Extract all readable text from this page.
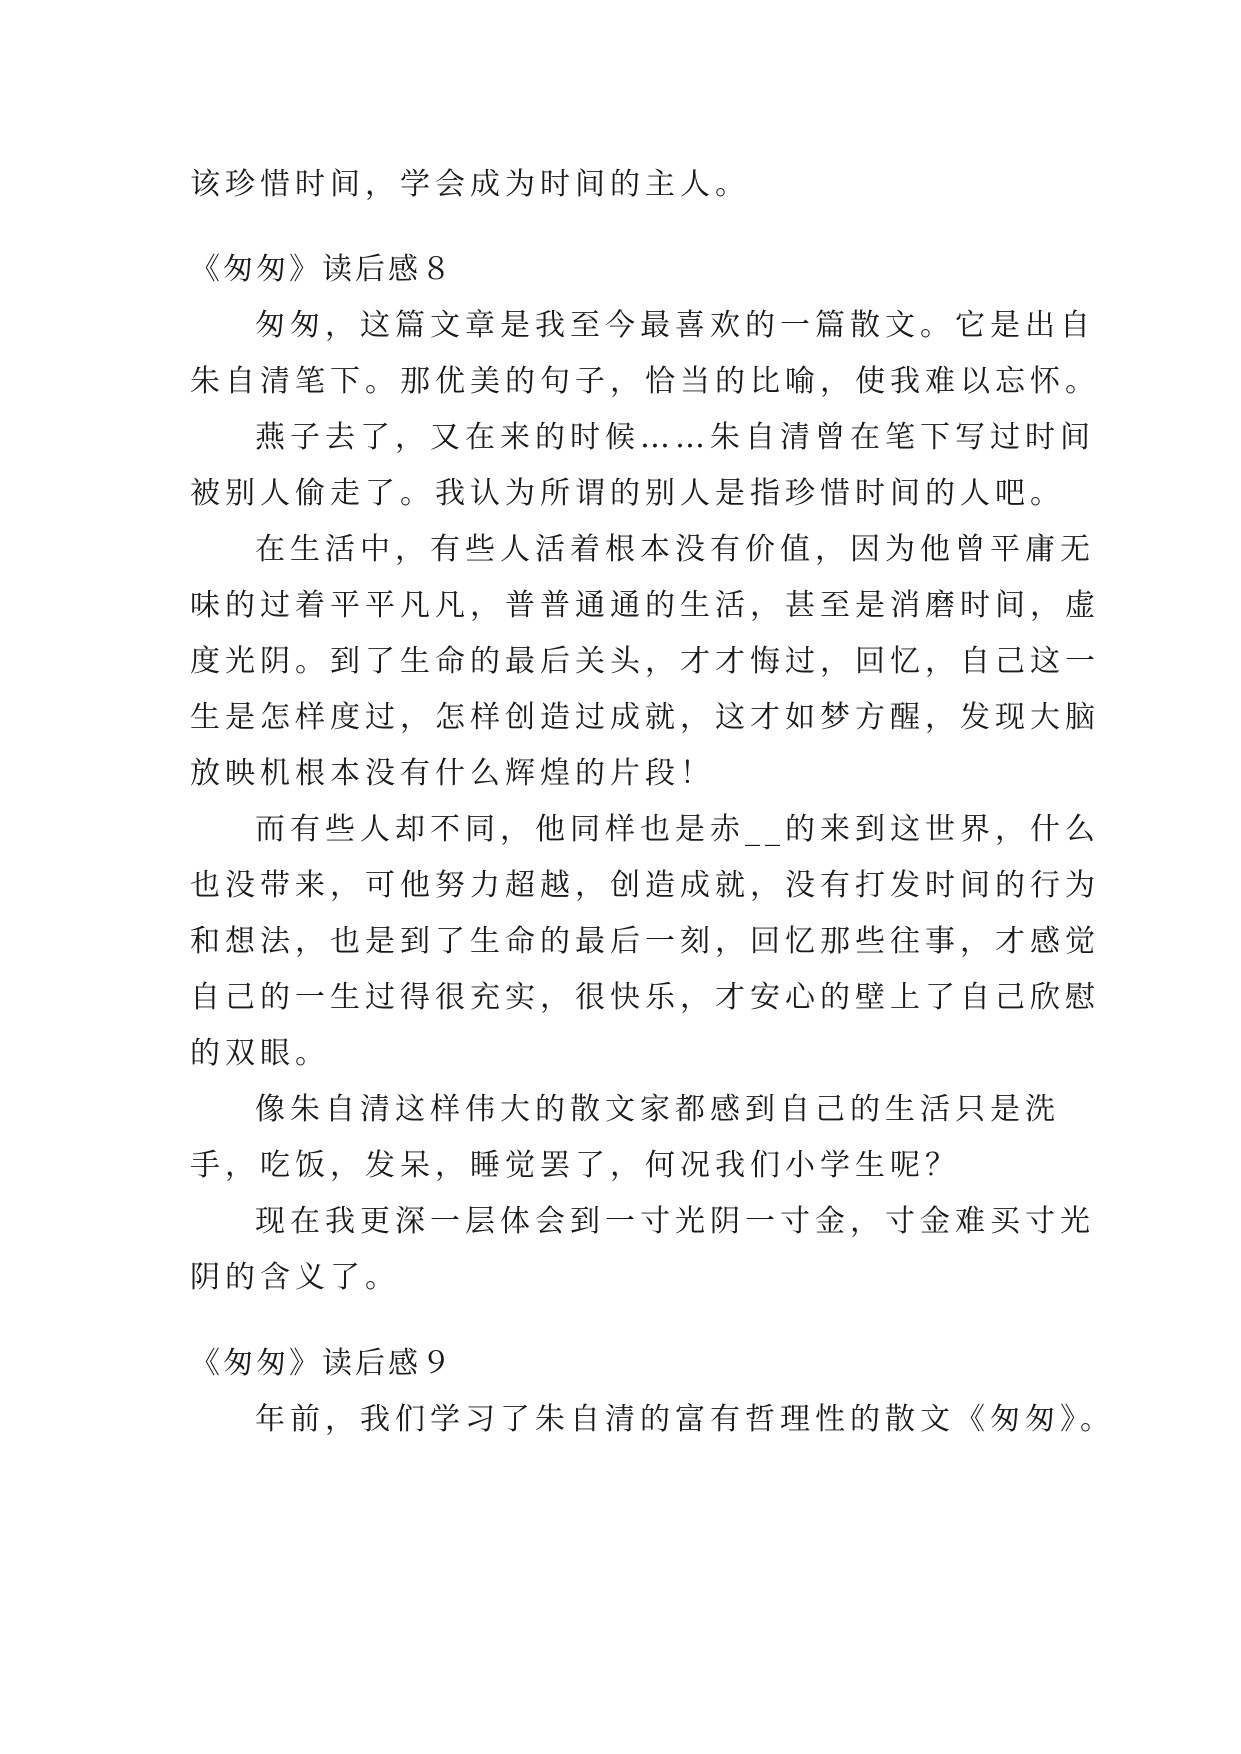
该珍惜时间，学会成为时间的主人。
《匆匆》读后感８
匆匆，这篇文章是我至今最喜欢的一篇散文。它是出自
朱自清笔下。那优美的句子，恰当的比喻，使我难以忘怀。
燕子去了，又在来的时候……朱自清曾在笔下写过时间
被别人偷走了。我认为所谓的别人是指珍惜时间的人吧。
在生活中，有些人活着根本没有价值，因为他曾平庸无
味的过着平平凡凡，普普通通的生活，甚至是消磨时间，虚
度光阴。到了生命的最后关头，才才悔过，回忆，自己这一
生是怎样度过，怎样创造过成就，这才如梦方醒，发现大脑
放映机根本没有什么辉煌的片段！
而有些人却不同，他同样也是赤__的来到这世界，什么
也没带来，可他努力超越，创造成就，没有打发时间的行为
和想法，也是到了生命的最后一刻，回忆那些往事，才感觉
自己的一生过得很充实，很快乐，才安心的壁上了自己欣慰
的双眼。
像朱自清这样伟大的散文家都感到自己的生活只是洗
手，吃饭，发呆，睡觉罢了，何况我们小学生呢？
现在我更深一层体会到一寸光阴一寸金，寸金难买寸光
阴的含义了。
《匆匆》读后感９
年前，我们学习了朱自清的富有哲理性的散文《匆匆》。
